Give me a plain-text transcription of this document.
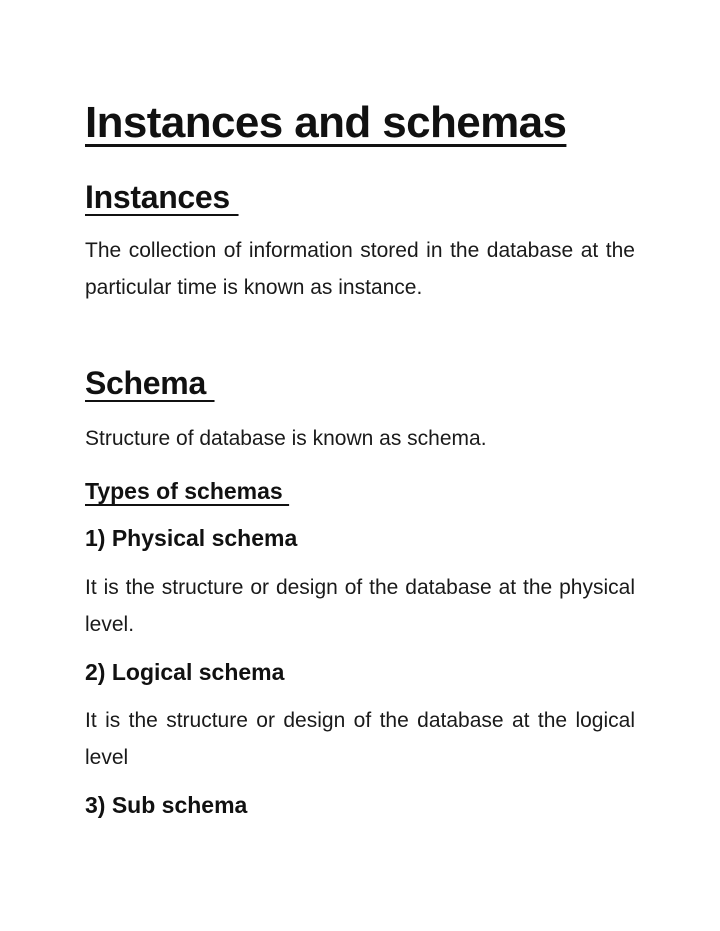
Instances and schemas
Instances

The collection of information stored in the database at the particular time is known as instance.

Schema

Structure of database is known as schema.

Types of schemas
1) Physical schema

It is the structure or design of the database at the physical level.

2) Logical schema

It is the structure or design of the database at the logical level

3) Sub schema
